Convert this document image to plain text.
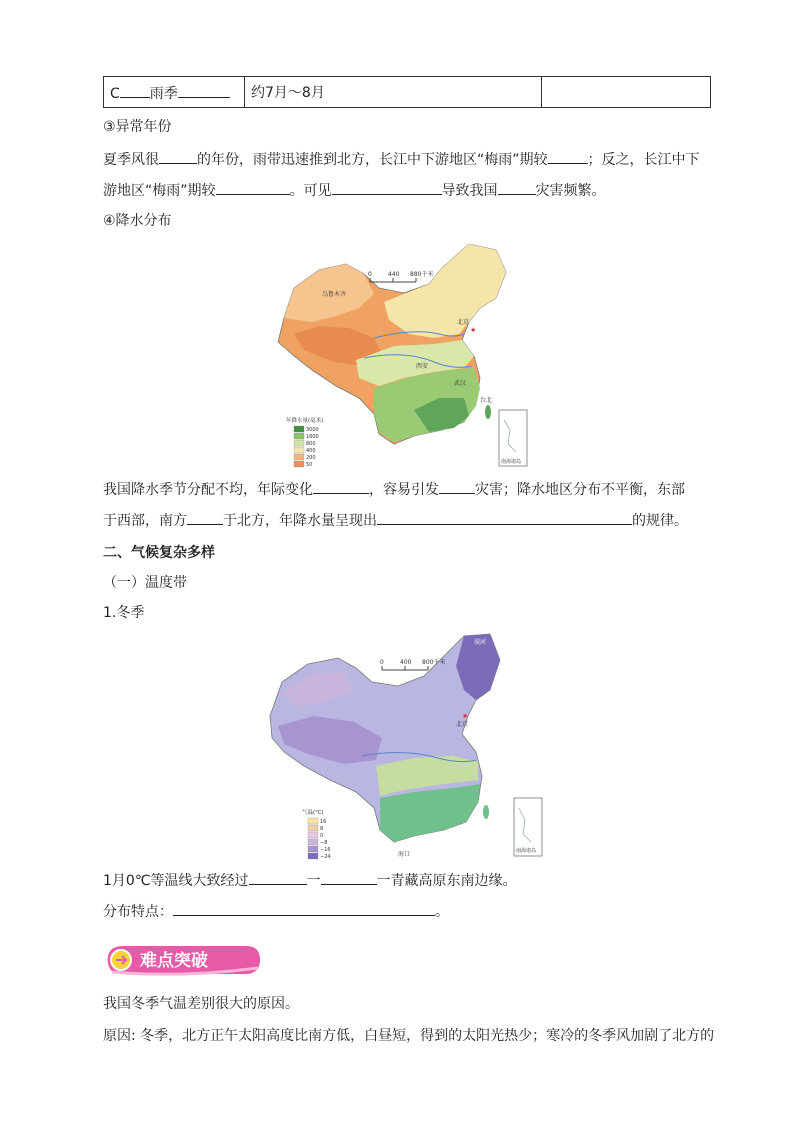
C 雨季	约7月～8月	
③异常年份
夏季风很	的年份，雨带迅速推到北方，长江中下游地区“梅雨”期较	；反之，长江中下
游地区“梅雨”期较	。可见	导致我国	灾害频繁。
④降水分布
0	440 880千米
乌鲁木齐
北京
★
西安
武汉
台北
南海诸岛
年降水量(毫米)
3000
1600
800
400
200
50
我国降水季节分配不均，年际变化	，容易引发	灾害；降水地区分布不平衡，东部
于西部，南方	于北方，年降水量呈现出	的规律。
二、气候复杂多样
（一）温度带
1.冬季
0	400 800千米
漠河
北京
★
海口	南海诸岛
气温(℃)
16
8
0
−8
−16
−24
1月0℃等温线大致经过	一	一青藏高原东南边缘。
分布特点：	。
难点突破
我国冬季气温差别很大的原因。
原因: 冬季，北方正午太阳高度比南方低，白昼短，得到的太阳光热少；寒冷的冬季风加剧了北方的
